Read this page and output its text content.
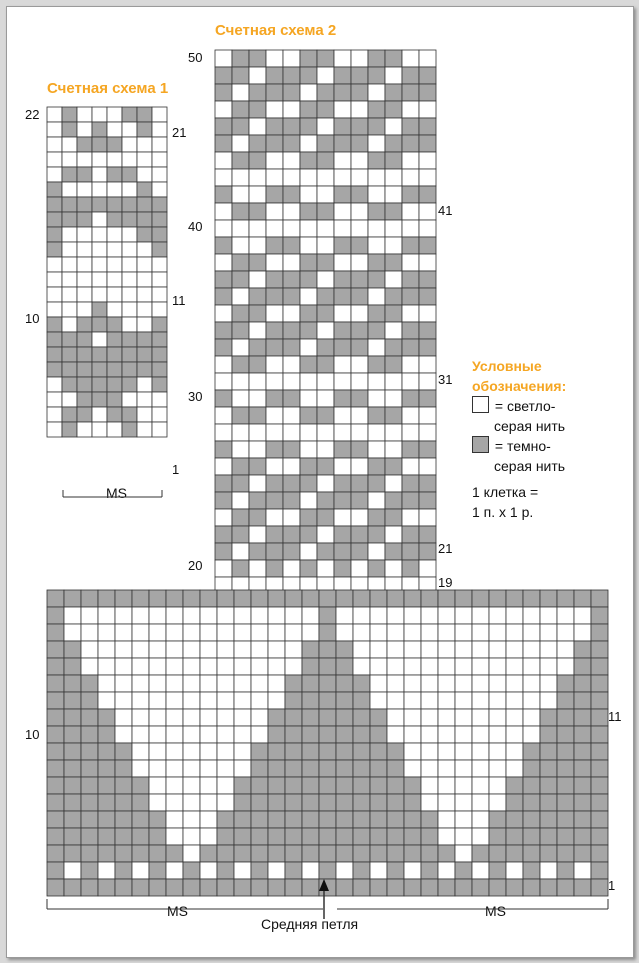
Счетная схема 1
22
10
21
11
1
MS
Счетная схема 2
50
40
30
20
41
31
21
19
10
11
1
MS	MS
Средняя петля
Условные
обозначения:
= светло-
серая нить
= темно-
серая нить
1 клетка =
1 п. х 1 р.
